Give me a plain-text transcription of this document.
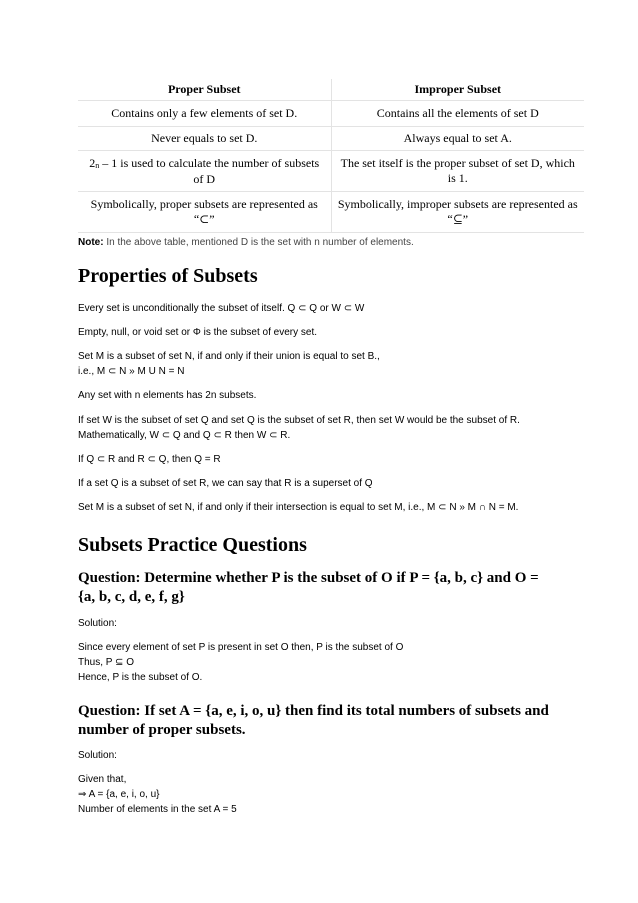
Proper Subset	Improper Subset
Contains only a few elements of set D.	Contains all the elements of set D
Never equals to set D.	Always equal to set A.
$2_n - 1$ is used to calculate the number of subsets of D	The set itself is the proper subset of set D, which is 1.
Symbolically, proper subsets are represented as “⊂”	Symbolically, improper subsets are represented as “⊆”

Note: In the above table, mentioned D is the set with n number of elements.

Properties of Subsets

Every set is unconditionally the subset of itself. Q ⊂ Q or W ⊂ W

Empty, null, or void set or Φ is the subset of every set.

Set M is a subset of set N, if and only if their union is equal to set B.,
i.e., M ⊂ N » M U N = N

Any set with n elements has 2n subsets.

If set W is the subset of set Q and set Q is the subset of set R, then set W would be the subset of R.
Mathematically, W ⊂ Q and Q ⊂ R then W ⊂ R.

If Q ⊂ R and R ⊂ Q, then Q = R

If a set Q is a subset of set R, we can say that R is a superset of Q

Set M is a subset of set N, if and only if their intersection is equal to set M, i.e., M ⊂ N » M ∩ N = M.

Subsets Practice Questions
Question: Determine whether P is the subset of O if P = {a, b, c} and O = {a, b, c, d, e, f, g}

Solution:

Since every element of set P is present in set O then, P is the subset of O
Thus, P ⊆ O
Hence, P is the subset of O.

Question: If set A = {a, e, i, o, u} then find its total numbers of subsets and number of proper subsets.

Solution:

Given that,
⇒ A = {a, e, i, o, u}
Number of elements in the set A = 5
